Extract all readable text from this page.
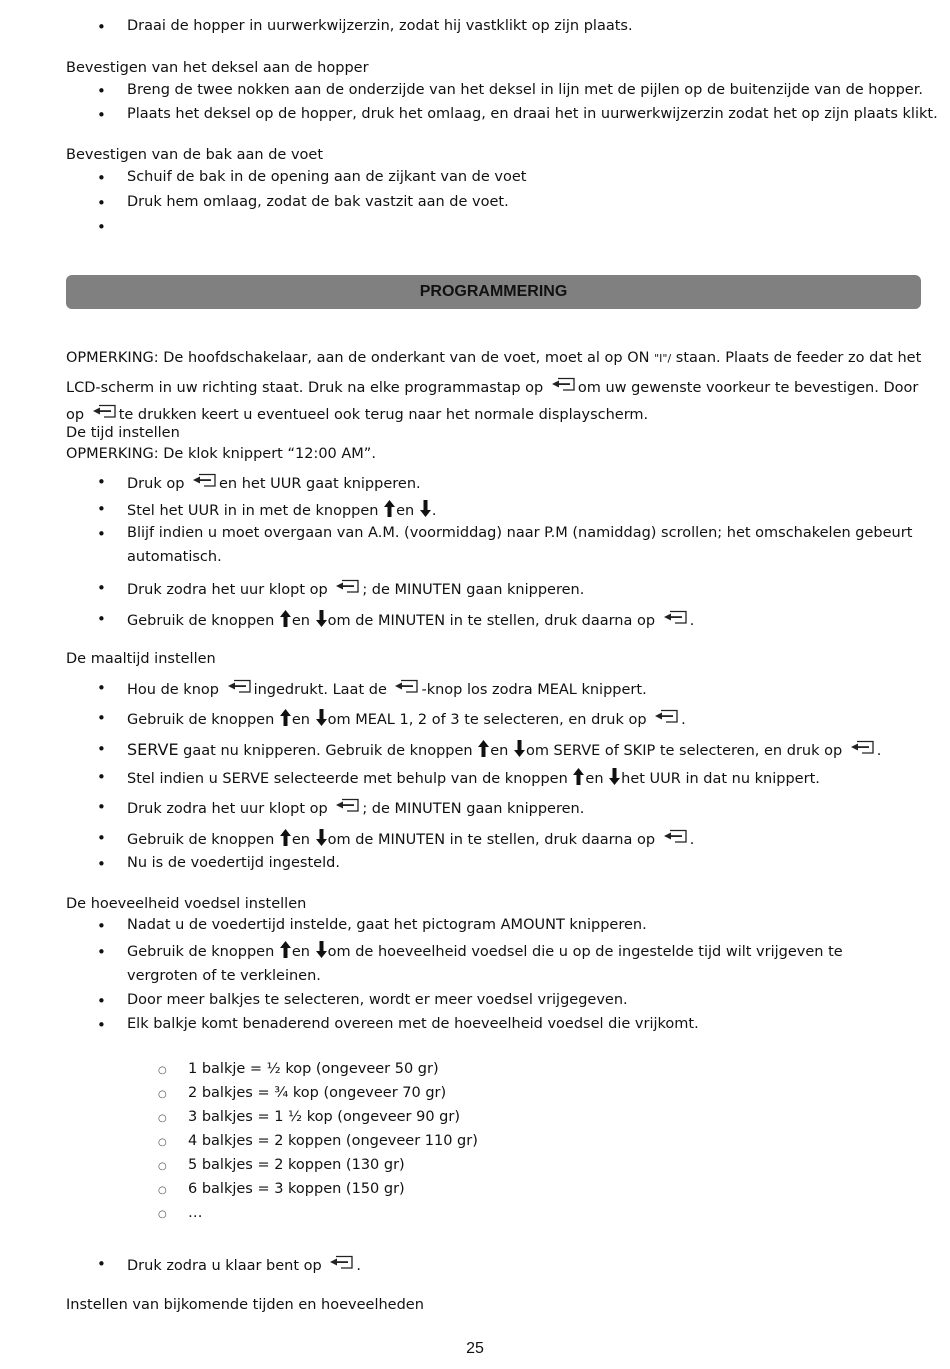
•
Draai de hopper in uurwerkwijzerzin, zodat hij vastklikt op zijn plaats.
Bevestigen van het deksel aan de hopper
•
Breng de twee nokken aan de onderzijde van het deksel in lijn met de pijlen op de buitenzijde van de hopper.
•
Plaats het deksel op de hopper, druk het omlaag, en draai het in uurwerkwijzerzin zodat het op zijn plaats klikt.
Bevestigen van de bak aan de voet
•
Schuif de bak in de opening aan de zijkant van de voet
•
Druk hem omlaag, zodat de bak vastzit aan de voet.
•
PROGRAMMERING
OPMERKING: De hoofdschakelaar, aan de onderkant van de voet, moet al op ON "I"/ staan. Plaats de feeder zo dat het
LCD-scherm in uw richting staat. Druk na elke programmastap op
om uw gewenste voorkeur te bevestigen. Door
op
te drukken keert u eventueel ook terug naar het normale displayscherm.
De tijd instellen
OPMERKING: De klok knippert “12:00 AM”.
•
Druk op
en het UUR gaat knipperen.
•
Stel het UUR in in met de knoppen
en
.
•
Blijf indien u moet overgaan van A.M. (voormiddag) naar P.M (namiddag) scrollen; het omschakelen gebeurt automatisch.
•
Druk zodra het uur klopt op
; de MINUTEN gaan knipperen.
•
Gebruik de knoppen
en
om de MINUTEN in te stellen, druk daarna op
.
De maaltijd instellen
•
Hou de knop
ingedrukt. Laat de
-knop los zodra MEAL knippert.
•
Gebruik de knoppen
en
om MEAL 1, 2 of 3 te selecteren, en druk op
.
•
SERVE gaat nu knipperen. Gebruik de knoppen
en
om SERVE of SKIP te selecteren, en druk op
.
•
Stel indien u SERVE selecteerde met behulp van de knoppen
en
het UUR in dat nu knippert.
•
Druk zodra het uur klopt op
; de MINUTEN gaan knipperen.
•
Gebruik de knoppen
en
om de MINUTEN in te stellen, druk daarna op
.
•
Nu is de voedertijd ingesteld.
De hoeveelheid voedsel instellen
•
Nadat u de voedertijd instelde, gaat het pictogram AMOUNT knipperen.
•
Gebruik de knoppen
en
om de hoeveelheid voedsel die u op de ingestelde tijd wilt vrijgeven te vergroten of te verkleinen.
•
Door meer balkjes te selecteren, wordt er meer voedsel vrijgegeven.
•
Elk balkje komt benaderend overeen met de hoeveelheid voedsel die vrijkomt.
○
1 balkje = ½ kop (ongeveer 50 gr)
○
2 balkjes = ¾ kop (ongeveer 70 gr)
○
3 balkjes = 1 ½ kop (ongeveer 90 gr)
○
4 balkjes = 2 koppen (ongeveer 110 gr)
○
5 balkjes = 2 koppen (130 gr)
○
6 balkjes = 3 koppen (150 gr)
○
…
•
Druk zodra u klaar bent op
.
Instellen van bijkomende tijden en hoeveelheden
25
